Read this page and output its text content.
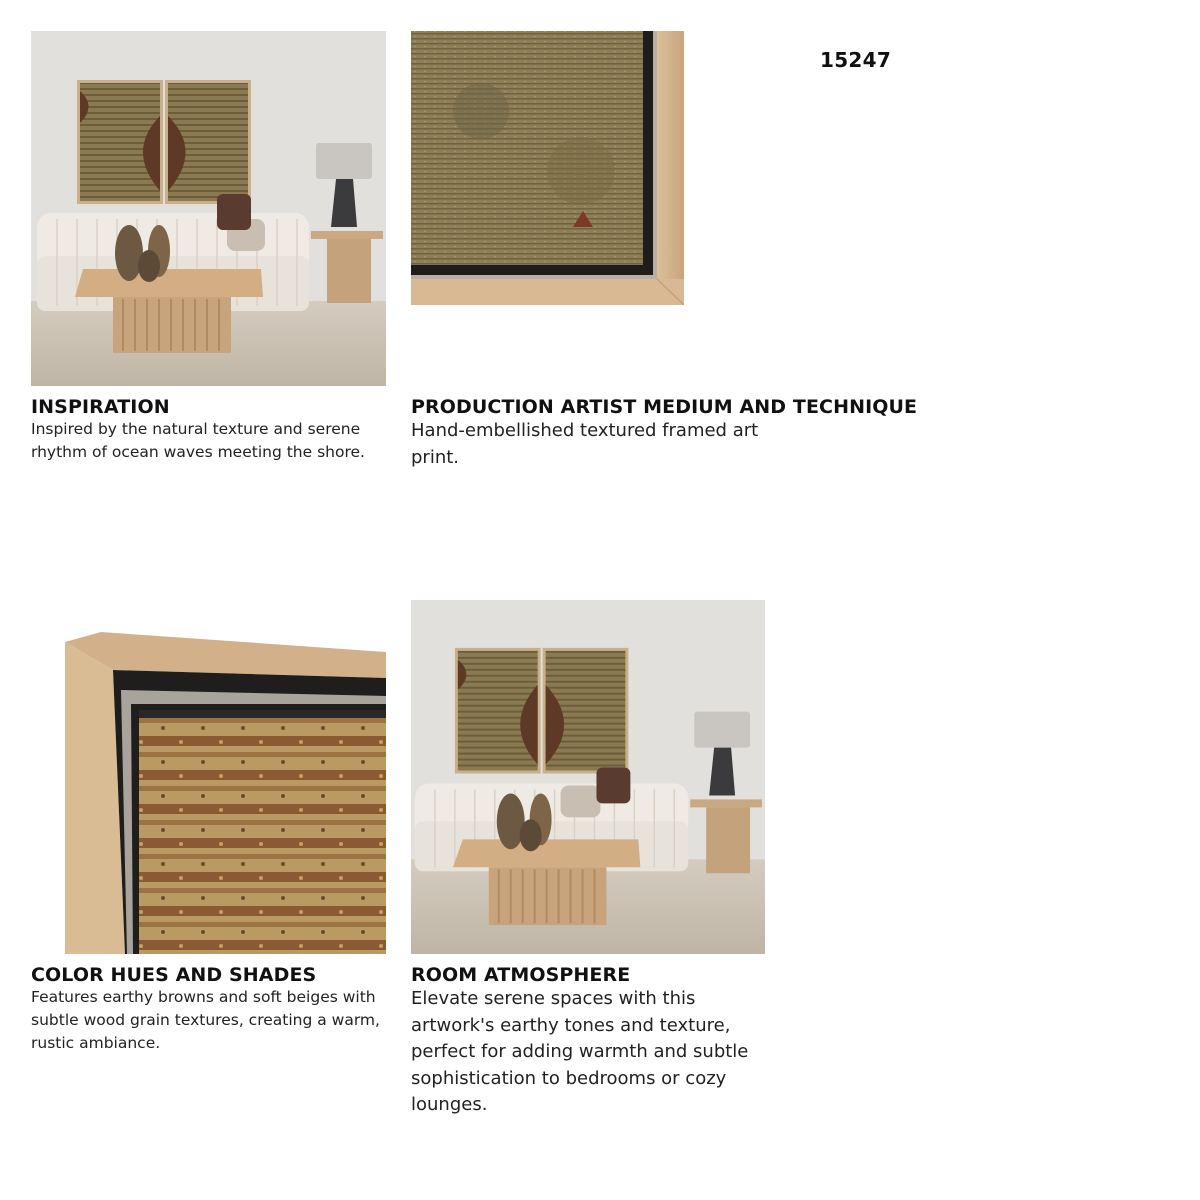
15247
INSPIRATION
Inspired by the natural texture and serene rhythm of ocean waves meeting the shore.
PRODUCTION ARTIST MEDIUM AND TECHNIQUE
Hand-embellished textured framed art print.
COLOR HUES AND SHADES
Features earthy browns and soft beiges with subtle wood grain textures, creating a warm, rustic ambiance.
ROOM ATMOSPHERE
Elevate serene spaces with this artwork's earthy tones and texture, perfect for adding warmth and subtle sophistication to bedrooms or cozy lounges.
